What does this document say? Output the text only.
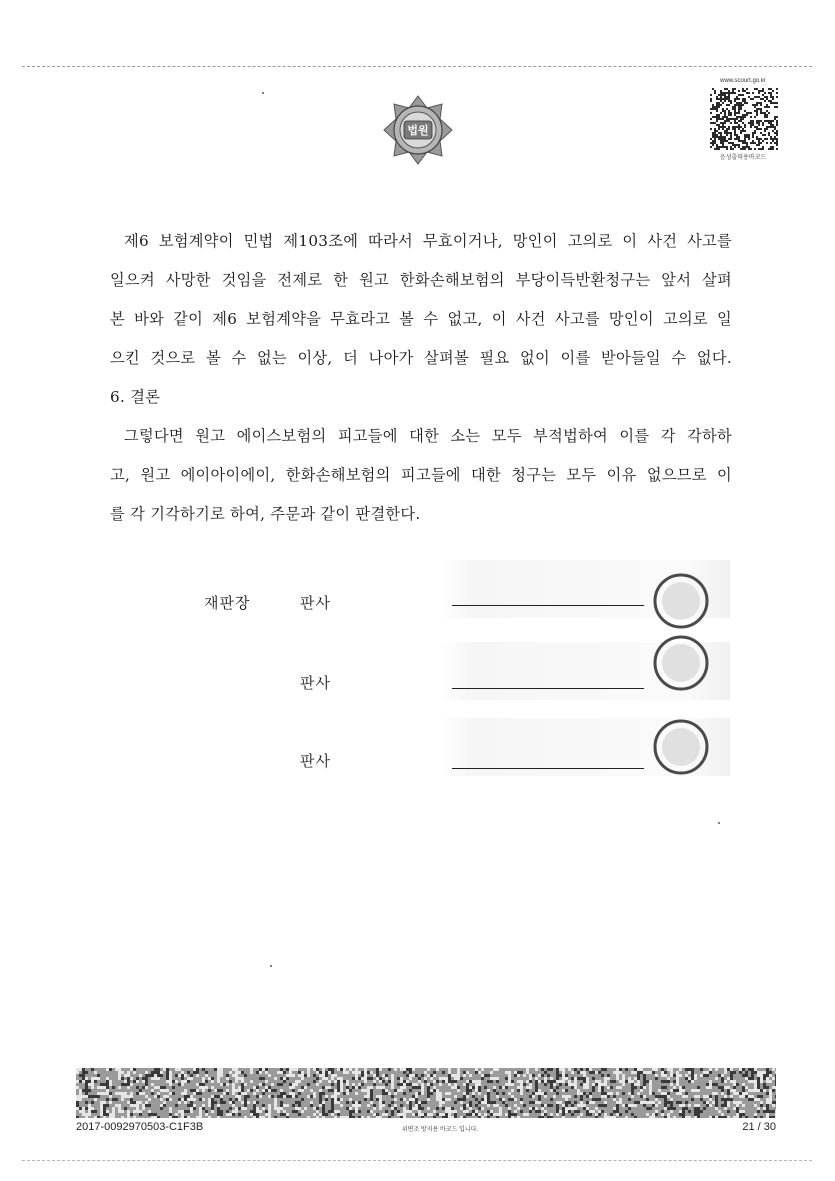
법원
www.scourt.go.kr
음성출력용바코드

제6 보험계약이 민법 제103조에 따라서 무효이거나, 망인이 고의로 이 사건 사고를

일으켜 사망한 것임을 전제로 한 원고 한화손해보험의 부당이득반환청구는 앞서 살펴

본 바와 같이 제6 보험계약을 무효라고 볼 수 없고, 이 사건 사고를 망인이 고의로 일

으킨 것으로 볼 수 없는 이상, 더 나아가 살펴볼 필요 없이 이를 받아들일 수 없다.

6. 결론

그렇다면 원고 에이스보험의 피고들에 대한 소는 모두 부적법하여 이를 각 각하하

고, 원고 에이아이에이, 한화손해보험의 피고들에 대한 청구는 모두 이유 없으므로 이

를 각 기각하기로 하여, 주문과 같이 판결한다.

재판장	판사
판사
판사
2017-0092970503-C1F3B	위변조 방지용 바코드 입니다.	21 / 30
